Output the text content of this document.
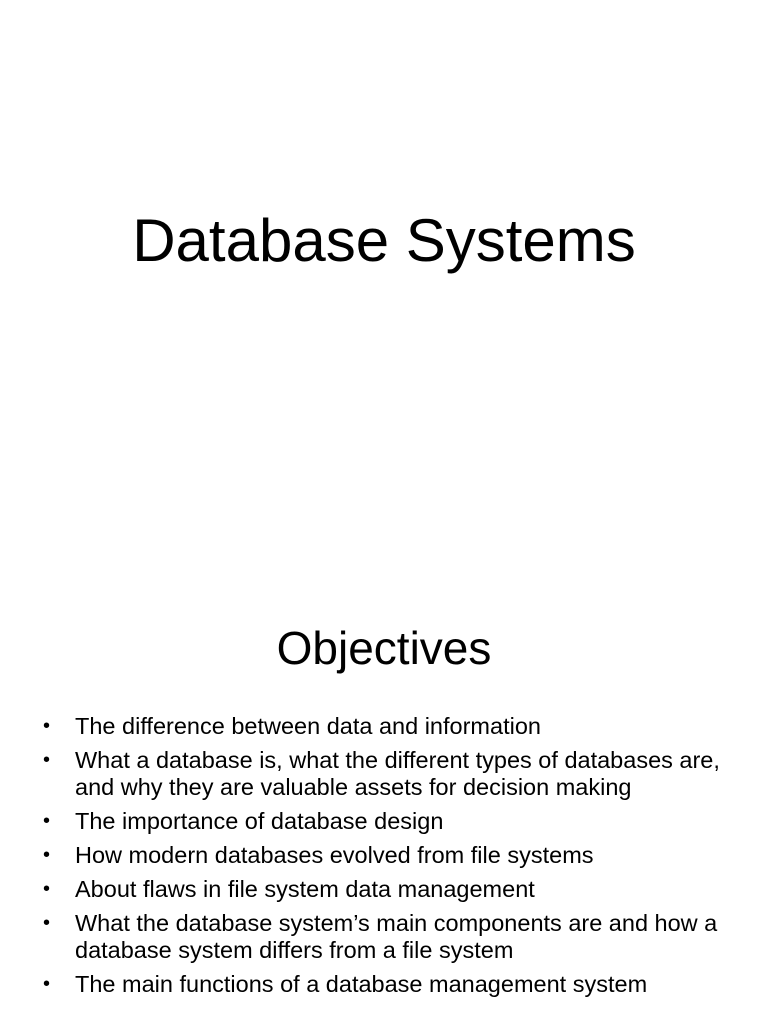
Database Systems
Objectives
• The difference between data and information
• What a database is, what the different types of databases are, and why they are valuable assets for decision making
• The importance of database design
• How modern databases evolved from file systems
• About flaws in file system data management
• What the database system’s main components are and how a database system differs from a file system
• The main functions of a database management system
